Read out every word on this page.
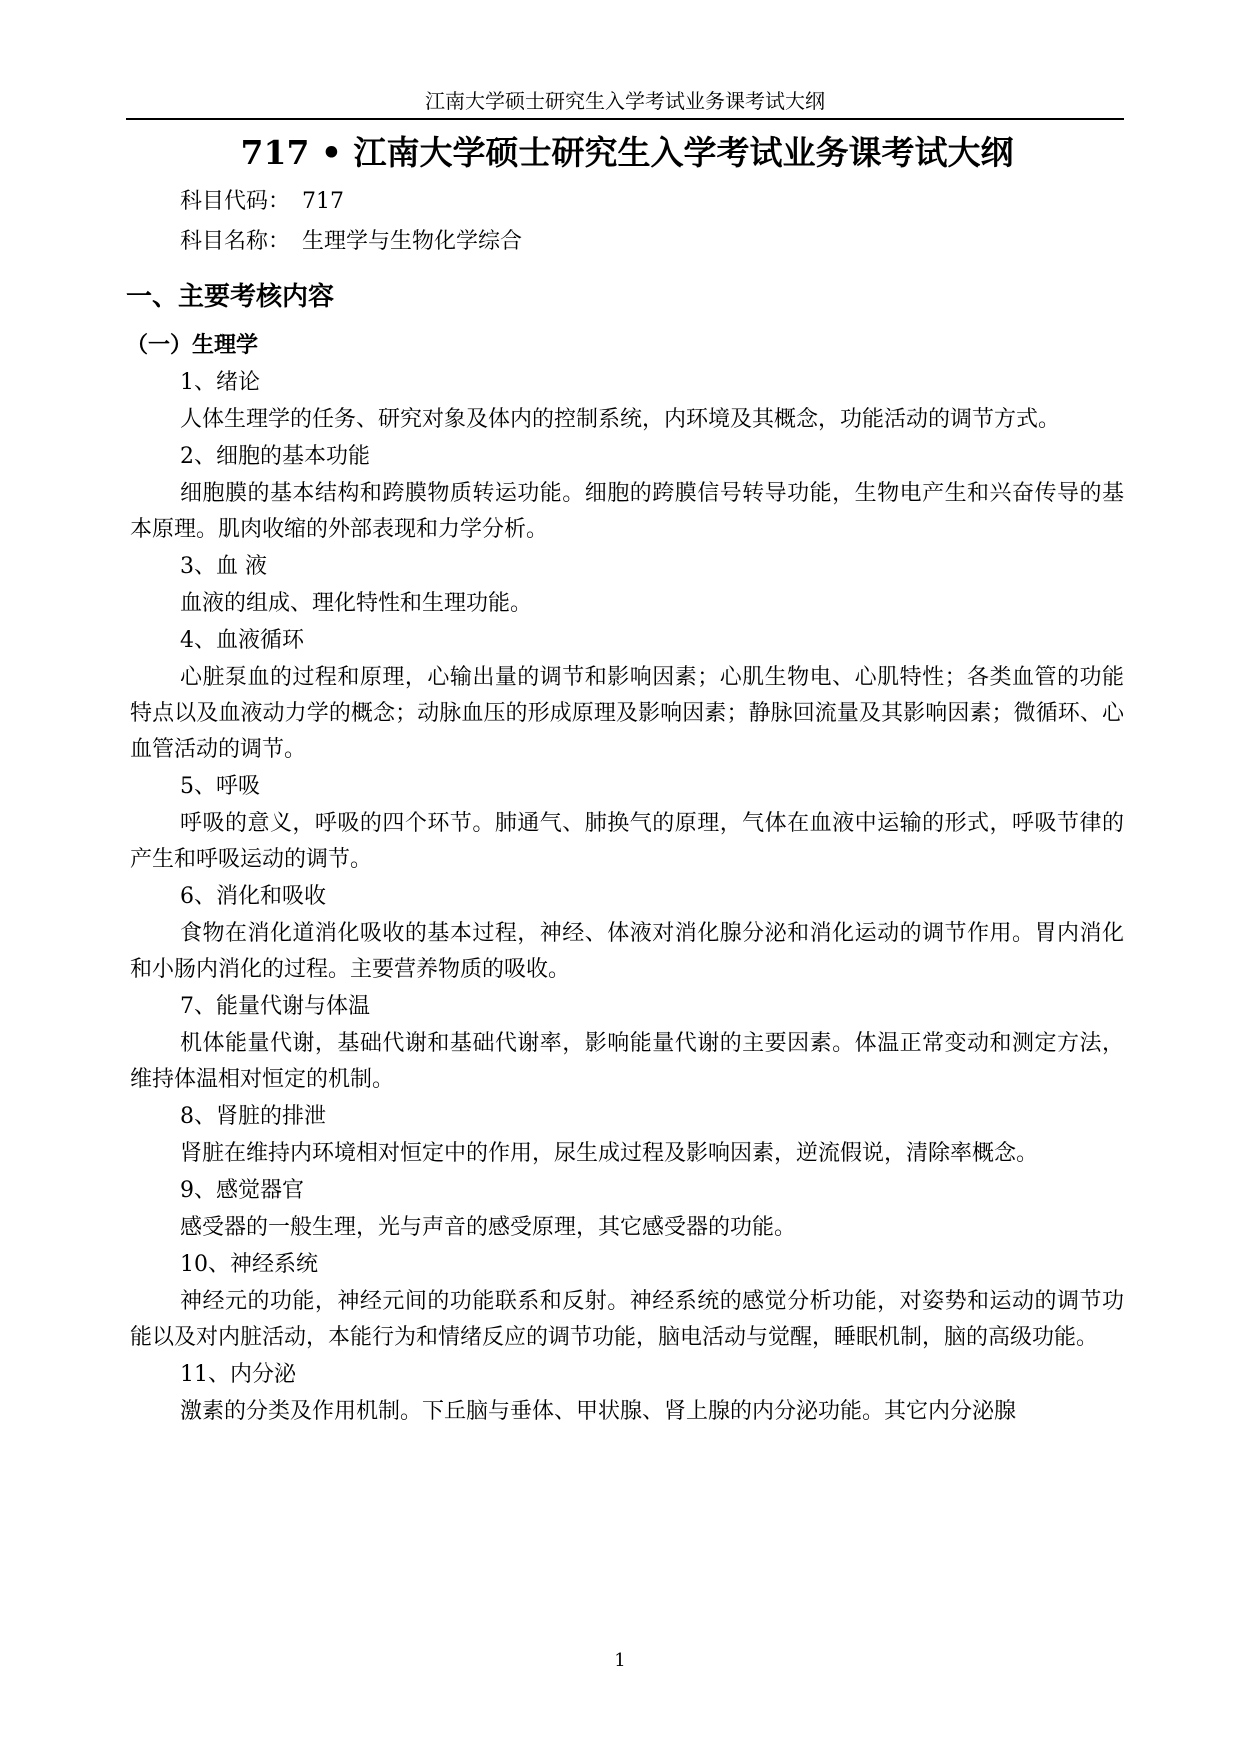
江南大学硕士研究生入学考试业务课考试大纲
717 • 江南大学硕士研究生入学考试业务课考试大纲

科目代码： 717

科目名称： 生理学与生物化学综合

一、主要考核内容
（一）生理学

1、绪论

人体生理学的任务、研究对象及体内的控制系统，内环境及其概念，功能活动的调节方式。

2、细胞的基本功能

细胞膜的基本结构和跨膜物质转运功能。细胞的跨膜信号转导功能，生物电产生和兴奋传导的基本原理。肌肉收缩的外部表现和力学分析。

3、血 液

血液的组成、理化特性和生理功能。

4、血液循环

心脏泵血的过程和原理，心输出量的调节和影响因素；心肌生物电、心肌特性；各类血管的功能特点以及血液动力学的概念；动脉血压的形成原理及影响因素；静脉回流量及其影响因素；微循环、心血管活动的调节。

5、呼吸

呼吸的意义，呼吸的四个环节。肺通气、肺换气的原理，气体在血液中运输的形式，呼吸节律的产生和呼吸运动的调节。

6、消化和吸收

食物在消化道消化吸收的基本过程，神经、体液对消化腺分泌和消化运动的调节作用。胃内消化和小肠内消化的过程。主要营养物质的吸收。

7、能量代谢与体温

机体能量代谢，基础代谢和基础代谢率，影响能量代谢的主要因素。体温正常变动和测定方法，维持体温相对恒定的机制。

8、肾脏的排泄

肾脏在维持内环境相对恒定中的作用，尿生成过程及影响因素，逆流假说，清除率概念。

9、感觉器官

感受器的一般生理，光与声音的感受原理，其它感受器的功能。

10、神经系统

神经元的功能，神经元间的功能联系和反射。神经系统的感觉分析功能，对姿势和运动的调节功能以及对内脏活动，本能行为和情绪反应的调节功能，脑电活动与觉醒，睡眠机制，脑的高级功能。

11、内分泌

激素的分类及作用机制。下丘脑与垂体、甲状腺、肾上腺的内分泌功能。其它内分泌腺

1
